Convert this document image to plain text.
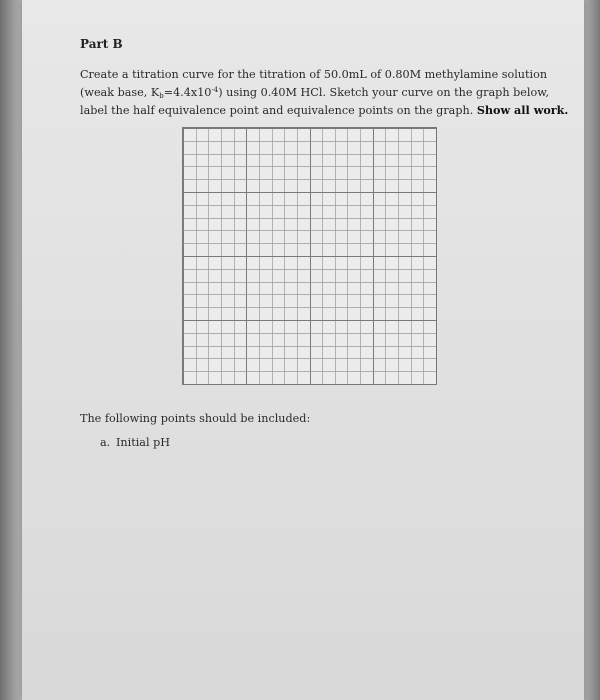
Part B
Create a titration curve for the titration of 50.0mL of 0.80M methylamine solution
(weak base, $K_b=4.4x10^{-4}$) using 0.40M HCl. Sketch your curve on the graph below,
label the half equivalence point and equivalence points on the graph. Show all work.
The following points should be included:
a. Initial pH
